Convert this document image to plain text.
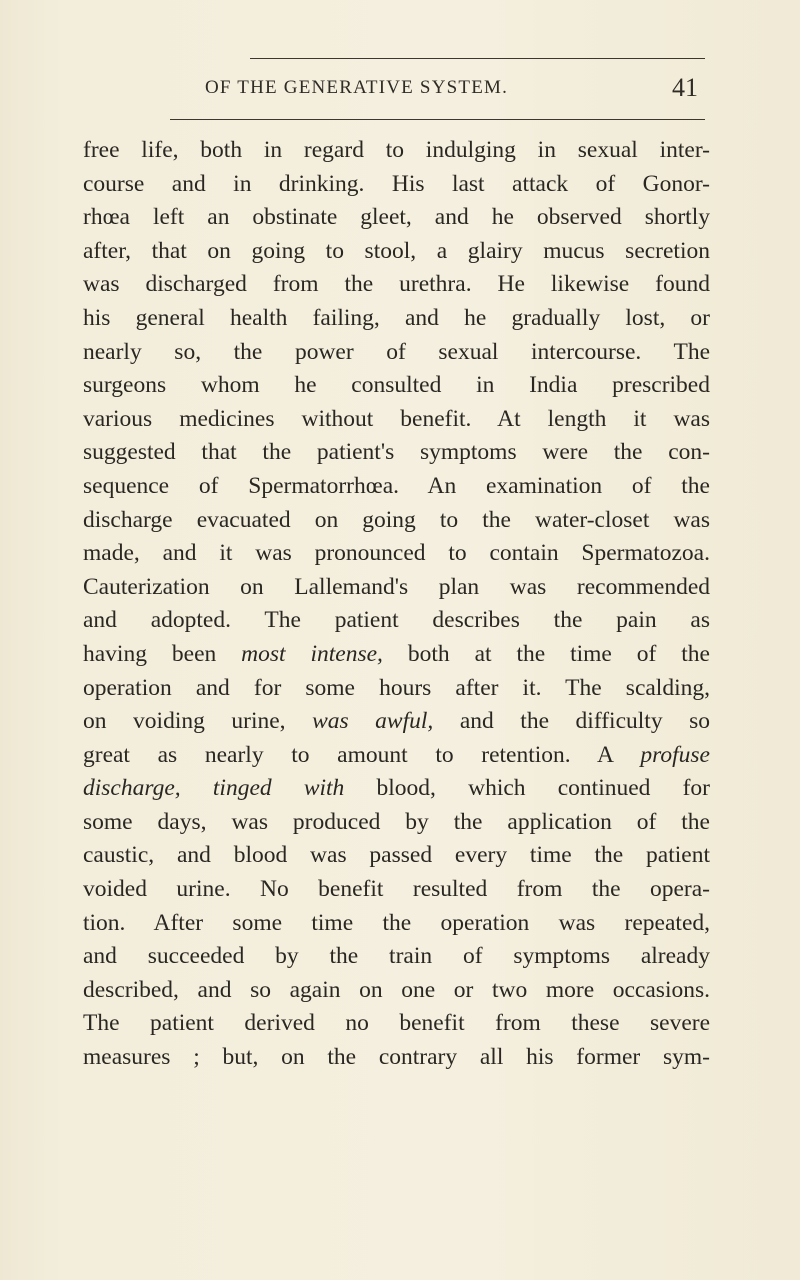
OF THE GENERATIVE SYSTEM.	41
free life, both in regard to indulging in sexual inter-
course and in drinking. His last attack of Gonor-
rhœa left an obstinate gleet, and he observed shortly
after, that on going to stool, a glairy mucus secretion
was discharged from the urethra. He likewise found
his general health failing, and he gradually lost, or
nearly so, the power of sexual intercourse. The
surgeons whom he consulted in India prescribed
various medicines without benefit. At length it was
suggested that the patient's symptoms were the con-
sequence of Spermatorrhœa. An examination of the
discharge evacuated on going to the water-closet was
made, and it was pronounced to contain Spermatozoa.
Cauterization on Lallemand's plan was recommended
and adopted. The patient describes the pain as
having been most intense, both at the time of the
operation and for some hours after it. The scalding,
on voiding urine, was awful, and the difficulty so
great as nearly to amount to retention. A profuse
discharge, tinged with blood, which continued for
some days, was produced by the application of the
caustic, and blood was passed every time the patient
voided urine. No benefit resulted from the opera-
tion. After some time the operation was repeated,
and succeeded by the train of symptoms already
described, and so again on one or two more occasions.
The patient derived no benefit from these severe
measures ; but, on the contrary all his former sym-
